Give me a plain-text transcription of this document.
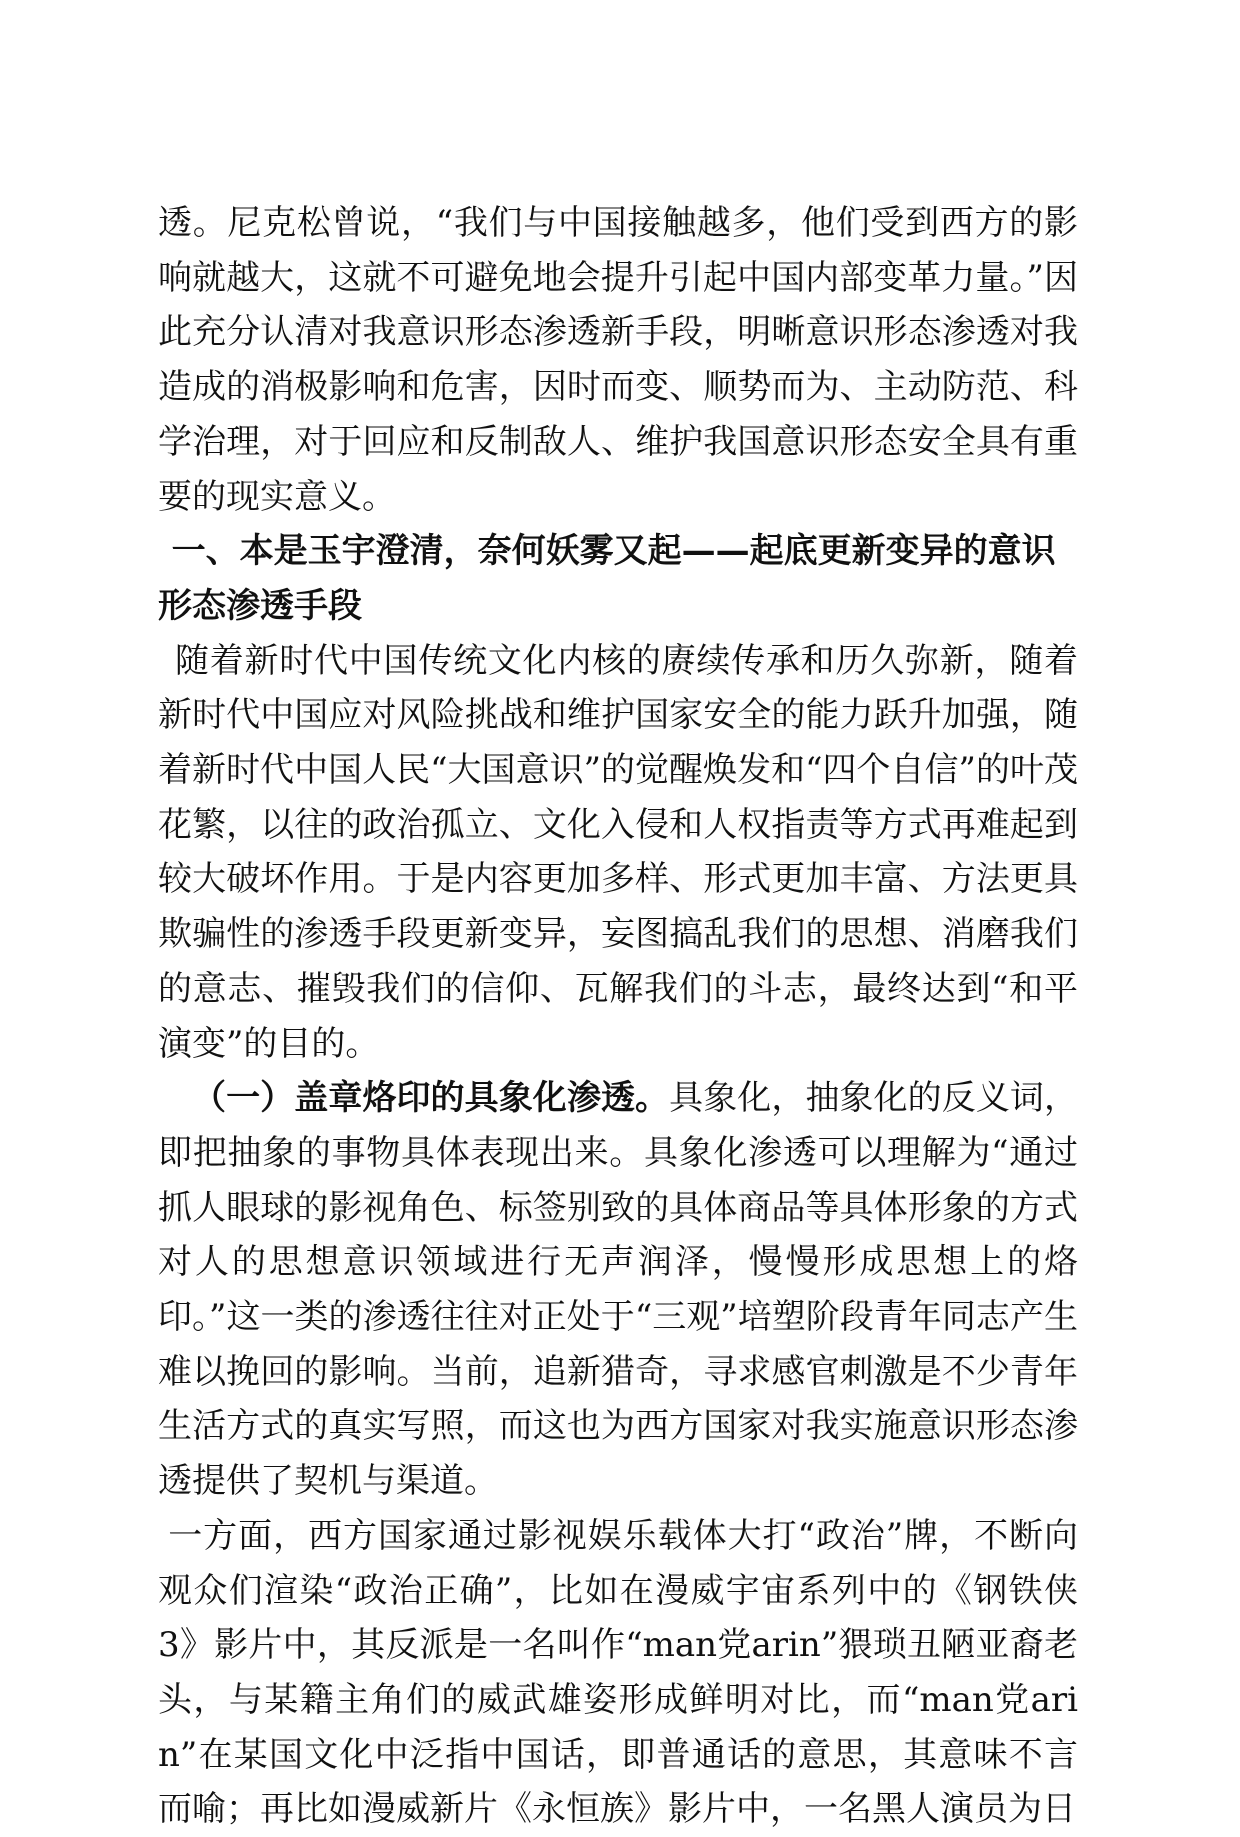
透。尼克松曾说，“我们与中国接触越多，他们受到西方的影响就越大，这就不可避免地会提升引起中国内部变革力量。”因此充分认清对我意识形态渗透新手段，明晰意识形态渗透对我造成的消极影响和危害，因时而变、顺势而为、主动防范、科学治理，对于回应和反制敌人、维护我国意识形态安全具有重要的现实意义。

一、本是玉宇澄清，奈何妖雾又起——起底更新变异的意识形态渗透手段

随着新时代中国传统文化内核的赓续传承和历久弥新，随着新时代中国应对风险挑战和维护国家安全的能力跃升加强，随着新时代中国人民“大国意识”的觉醒焕发和“四个自信”的叶茂花繁，以往的政治孤立、文化入侵和人权指责等方式再难起到较大破坏作用。于是内容更加多样、形式更加丰富、方法更具欺骗性的渗透手段更新变异，妄图搞乱我们的思想、消磨我们的意志、摧毁我们的信仰、瓦解我们的斗志，最终达到“和平演变”的目的。

（一）盖章烙印的具象化渗透。具象化，抽象化的反义词，即把抽象的事物具体表现出来。具象化渗透可以理解为“通过抓人眼球的影视角色、标签别致的具体商品等具体形象的方式对人的思想意识领域进行无声润泽，慢慢形成思想上的烙印。”这一类的渗透往往对正处于“三观”培塑阶段青年同志产生难以挽回的影响。当前，追新猎奇，寻求感官刺激是不少青年生活方式的真实写照，而这也为西方国家对我实施意识形态渗透提供了契机与渠道。

一方面，西方国家通过影视娱乐载体大打“政治”牌，不断向观众们渲染“政治正确”，比如在漫威宇宙系列中的《钢铁侠3》影片中，其反派是一名叫作“man党arin”猥琐丑陋亚裔老头，与某籍主角们的威武雄姿形成鲜明对比，而“man党arin”在某国文化中泛指中国话，即普通话的意思，其意味不言而喻；再比如漫威新片《永恒族》影片中，一名黑人演员为日
